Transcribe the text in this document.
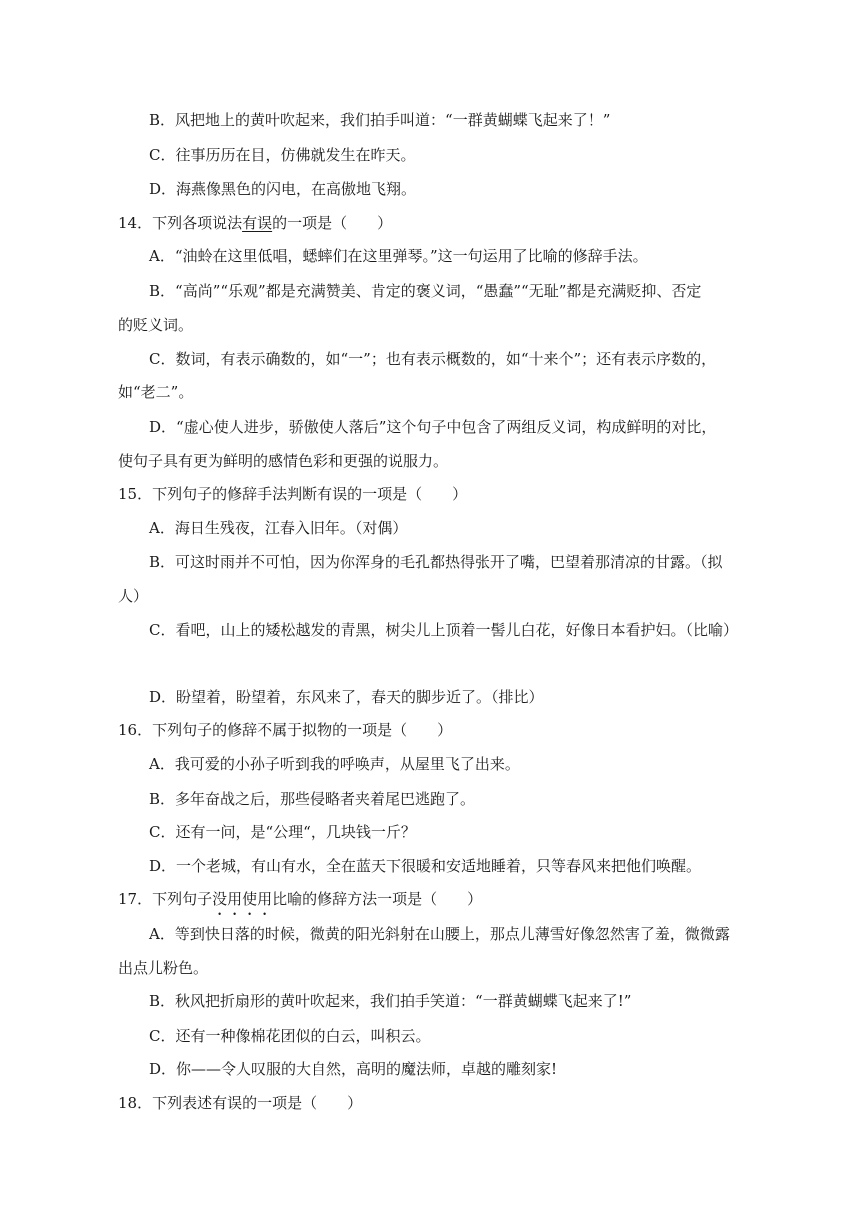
B．风把地上的黄叶吹起来，我们拍手叫道：“一群黄蝴蝶飞起来了！”
C．往事历历在目，仿佛就发生在昨天。
D．海燕像黑色的闪电，在高傲地飞翔。
14．下列各项说法有误的一项是（　　）
A．“油蛉在这里低唱，蟋蟀们在这里弹琴。”这一句运用了比喻的修辞手法。
B．“高尚”“乐观”都是充满赞美、肯定的褒义词，“愚蠢”“无耻”都是充满贬抑、否定
的贬义词。
C．数词，有表示确数的，如“一”；也有表示概数的，如“十来个”；还有表示序数的，
如“老二”。
D．“虚心使人进步，骄傲使人落后”这个句子中包含了两组反义词，构成鲜明的对比，
使句子具有更为鲜明的感情色彩和更强的说服力。
15．下列句子的修辞手法判断有误的一项是（　　）
A．海日生残夜，江春入旧年。（对偶）
B．可这时雨并不可怕，因为你浑身的毛孔都热得张开了嘴，巴望着那清凉的甘露。（拟
人）
C．看吧，山上的矮松越发的青黑，树尖儿上顶着一髻儿白花，好像日本看护妇。（比喻）
D．盼望着，盼望着，东风来了，春天的脚步近了。（排比）
16．下列句子的修辞不属于拟物的一项是（　　）
A．我可爱的小孙子听到我的呼唤声，从屋里飞了出来。
B．多年奋战之后，那些侵略者夹着尾巴逃跑了。
C．还有一问，是“公理“，几块钱一斤？
D．一个老城，有山有水，全在蓝天下很暖和安适地睡着，只等春风来把他们唤醒。
17．下列句子没用使用比喻的修辞方法一项是（　　）
A．等到快日落的时候，微黄的阳光斜射在山腰上，那点儿薄雪好像忽然害了羞，微微露
出点儿粉色。
B．秋风把折扇形的黄叶吹起来，我们拍手笑道：“一群黄蝴蝶飞起来了!”
C．还有一种像棉花团似的白云，叫积云。
D．你——令人叹服的大自然，高明的魔法师，卓越的雕刻家!
18．下列表述有误的一项是（　　）
